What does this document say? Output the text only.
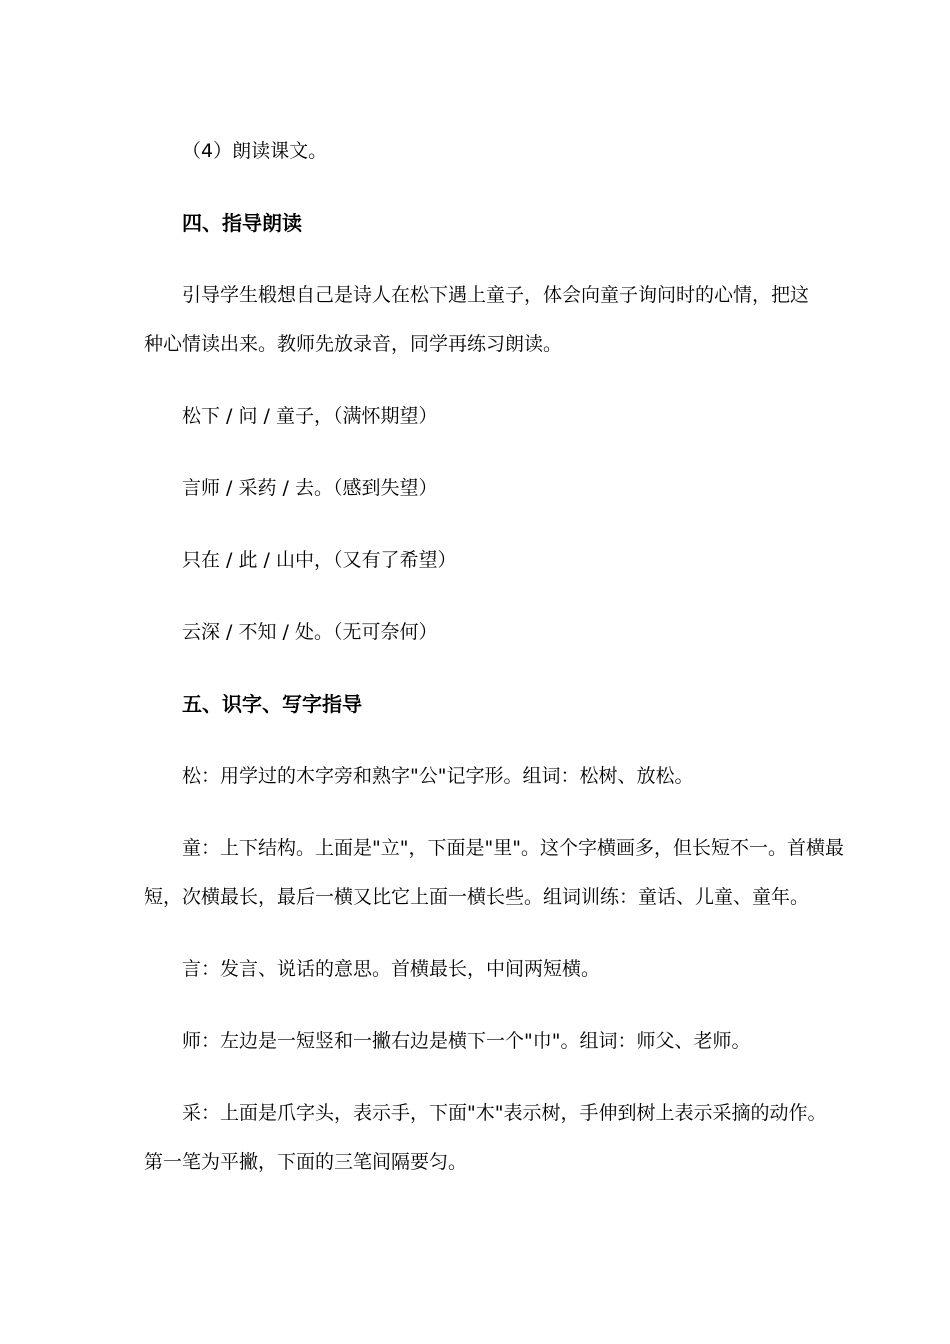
（4）朗读课文。
四、指导朗读
引导学生椴想自己是诗人在松下遇上童子，体会向童子询问时的心情，把这
种心情读出来。教师先放录音，同学再练习朗读。
松下 / 问 / 童子，（满怀期望）
言师 / 采药 / 去。（感到失望）
只在 / 此 / 山中，（又有了希望）
云深 / 不知 / 处。（无可奈何）
五、识字、写字指导
松：用学过的木字旁和熟字"公"记字形。组词：松树、放松。
童：上下结构。上面是"立"，下面是"里"。这个字横画多，但长短不一。首横最
短，次横最长，最后一横又比它上面一横长些。组词训练：童话、儿童、童年。
言：发言、说话的意思。首横最长，中间两短横。
师：左边是一短竖和一撇右边是横下一个"巾"。组词：师父、老师。
采：上面是爪字头，表示手，下面"木"表示树，手伸到树上表示采摘的动作。
第一笔为平撇，下面的三笔间隔要匀。
